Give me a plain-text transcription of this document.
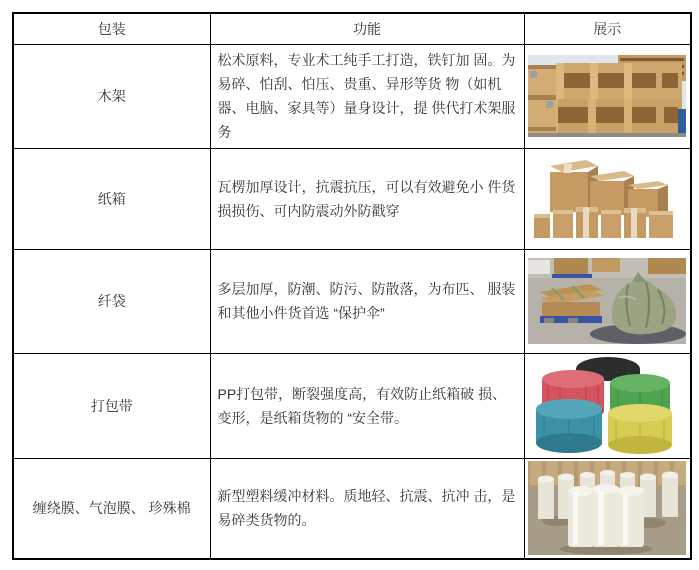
包装	功能	展示
木架	松术原料，专业术工纯手工打造，铁钉加 固。为易碎、怕刮、怕压、贵重、异形等货 物（如机器、电脑、家具等）量身设计，提 供代打术架服务	
纸箱	瓦楞加厚设计，抗震抗压，可以有效避免小 件货损损伤、可内防震动外防戳穿	
纤袋	多层加厚，防潮、防污、防散落，为布匹、 服装和其他小件货首选 “保护伞”	
打包带	PP打包带，断裂强度高，有效防止纸箱破 损、变形，是纸箱货物的 “安全带。	
缠绕膜、气泡膜、 珍殊棉	新型塑料缓冲材料。质地轻、抗震、抗冲 击，是易碎类货物的。	
